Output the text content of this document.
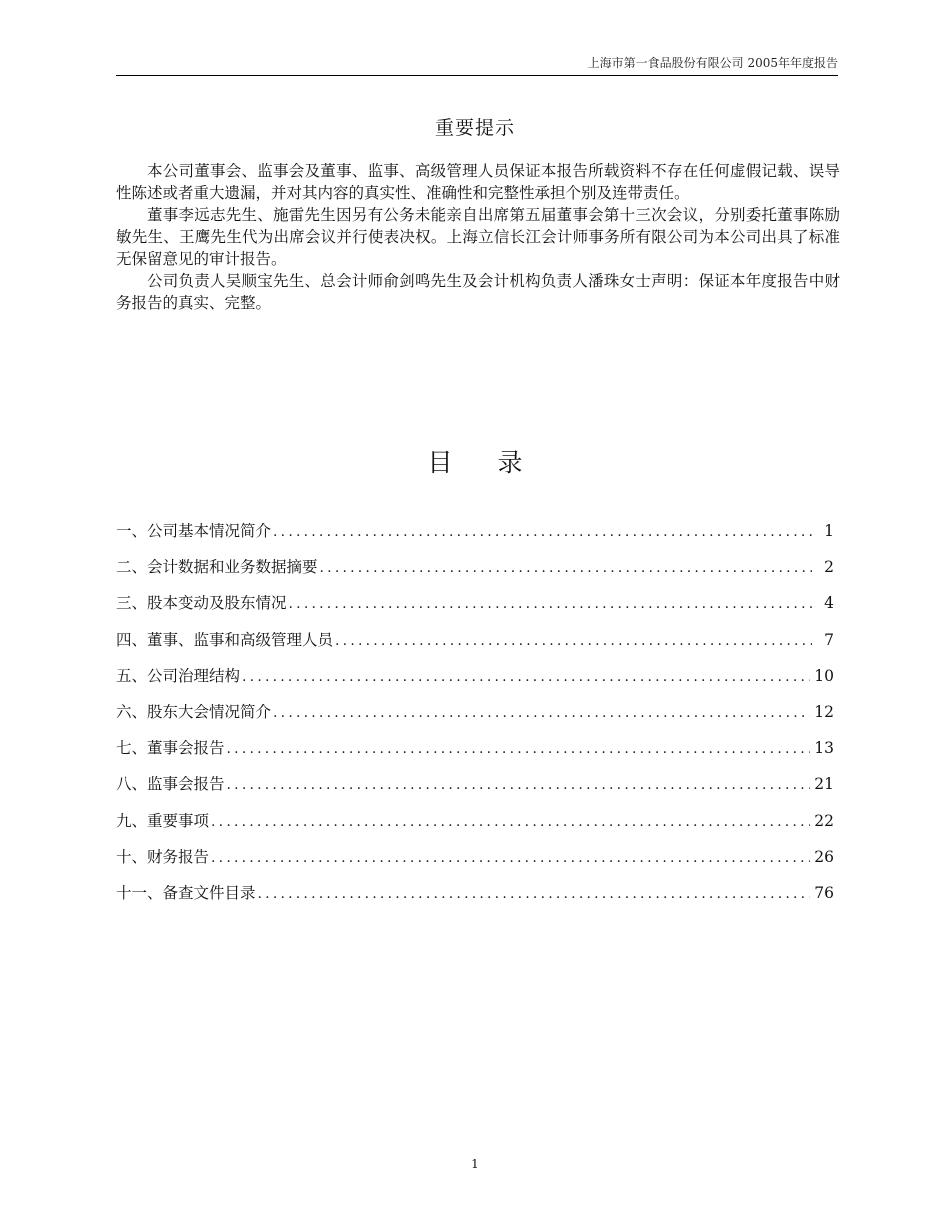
上海市第一食品股份有限公司 2005年年度报告
重要提示

本公司董事会、监事会及董事、监事、高级管理人员保证本报告所载资料不存在任何虚假记载、误导性陈述或者重大遗漏，并对其内容的真实性、准确性和完整性承担个别及连带责任。

董事李远志先生、施雷先生因另有公务未能亲自出席第五届董事会第十三次会议，分别委托董事陈励敏先生、王鹰先生代为出席会议并行使表决权。上海立信长江会计师事务所有限公司为本公司出具了标准无保留意见的审计报告。

公司负责人吴顺宝先生、总会计师俞剑鸣先生及会计机构负责人潘珠女士声明：保证本年度报告中财务报告的真实、完整。

目 录
一、公司基本情况简介 .....	1
二、会计数据和业务数据摘要 .....	2
三、股本变动及股东情况 .....	4
四、董事、监事和高级管理人员 .....	7
五、公司治理结构 .....	10
六、股东大会情况简介 .....	12
七、董事会报告 .....	13
八、监事会报告 .....	21
九、重要事项 .....	22
十、财务报告 .....	26
十一、备查文件目录 .....	76
1
